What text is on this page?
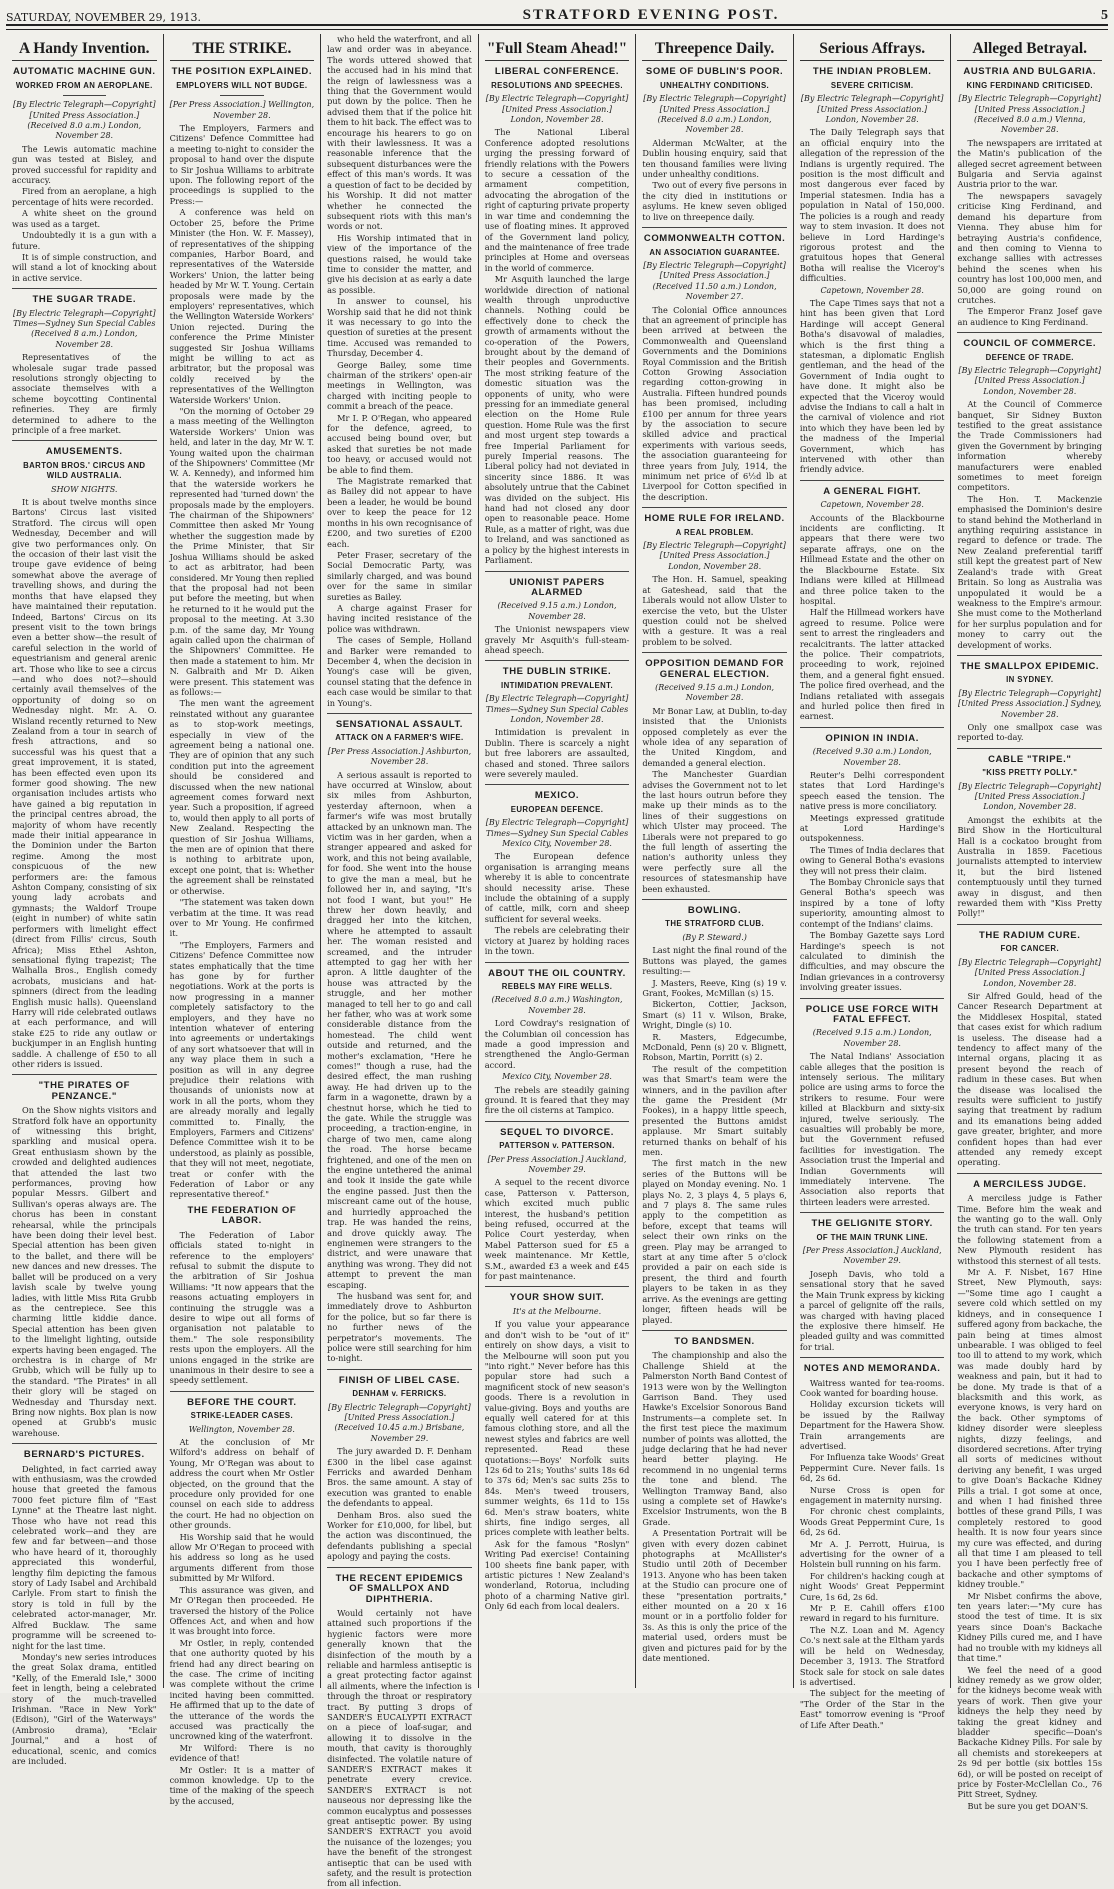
SATURDAY, NOVEMBER 29, 1913.	STRATFORD EVENING POST.	5
A Handy Invention.
AUTOMATIC MACHINE GUN.
WORKED FROM AN AEROPLANE.
[By Electric Telegraph—Copyright] [United Press Association.] (Received 8.0 a.m.) London, November 28.

The Lewis automatic machine gun was tested at Bisley, and proved successful for rapidity and accuracy.

Fired from an aeroplane, a high percentage of hits were recorded.

A white sheet on the ground was used as a target.

Undoubtedly it is a gun with a future.

It is of simple construction, and will stand a lot of knocking about in active service.

THE SUGAR TRADE.
[By Electric Telegraph—Copyright] Times—Sydney Sun Special Cables (Received 8 a.m.) London, November 28.

Representatives of the wholesale sugar trade passed resolutions strongly objecting to associate themselves with a scheme boycotting Continental refineries. They are firmly determined to adhere to the principle of a free market.

AMUSEMENTS.
BARTON BROS.' CIRCUS AND WILD AUSTRALIA.
SHOW NIGHTS.

It is about twelve months since Bartons' Circus last visited Stratford. The circus will open Wednesday, December and will give two performances only. On the occasion of their last visit the troupe gave evidence of being somewhat above the average of travelling shows, and during the months that have elapsed they have maintained their reputation. Indeed, Bartons' Circus on its present visit to the town brings even a better show—the result of careful selection in the world of equestrianism and general arenic art. Those who like to see a circus—and who does not?—should certainly avail themselves of the opportunity of doing so on Wednesday night. Mr. A. O. Wisland recently returned to New Zealand from a tour in search of fresh attractions, and so successful was his quest that a great improvement, it is stated, has been effected even upon its former good showing. The new organisation includes artists who have gained a big reputation in the principal centres abroad, the majority of whom have recently made their initial appearance in the Dominion under the Barton regime. Among the most conspicuous of the new performers are: the famous Ashton Company, consisting of six young lady acrobats and gymnasts; the Waldorf Troupe (eight in number) of white satin performers with limelight effect (direct from Fillis' circus, South Africa); Miss Ethel Ashton, sensational flying trapezist; The Walhalla Bros., English comedy acrobats, musicians and hat-spinners (direct from the leading English music halls). Queensland Harry will ride celebrated outlaws at each performance, and will stake £25 to ride any outlaw or buckjumper in an English hunting saddle. A challenge of £50 to all other riders is issued.

"THE PIRATES OF PENZANCE."

On the Show nights visitors and Stratford folk have an opportunity of witnessing this bright, sparkling and musical opera. Great enthusiasm shown by the crowded and delighted audiences that attended the last two performances, proving how popular Messrs. Gilbert and Sullivan's operas always are. The chorus has been in constant rehearsal, while the principals have been doing their level best. Special attention has been given to the ballet, and there will be new dances and new dresses. The ballet will be produced on a very lavish scale by twelve young ladies, with little Miss Rita Grubb as the centrepiece. See this charming little kiddie dance. Special attention has been given to the limelight lighting, outside experts having been engaged. The orchestra is in charge of Mr Grubb, which will be fully up to the standard. "The Pirates" in all their glory will be staged on Wednesday and Thursday next. Bring now nights. Box plan is now opened at Grubb's music warehouse.

BERNARD'S PICTURES.

Delighted, in fact carried away with enthusiasm, was the crowded house that greeted the famous 7000 feet picture film of "East Lynne" at the Theatre last night. Those who have not read this celebrated work—and they are few and far between—and those who have heard of it, thoroughly appreciated this wonderful, lengthy film depicting the famous story of Lady Isabel and Archibald Carlyle. From start to finish the story is told in full by the celebrated actor-manager, Mr. Alfred Bucklaw. The same programme will be screened to-night for the last time.

Monday's new series introduces the great Solax drama, entitled "Kelly, of the Emerald Isle," 3000 feet in length, being a celebrated story of the much-travelled Irishman. "Race in New York" (Edison), "Girl of the Waterways" (Ambrosio drama), "Eclair Journal," and a host of educational, scenic, and comics are included.

THE STRIKE.
THE POSITION EXPLAINED.
EMPLOYERS WILL NOT BUDGE.
[Per Press Association.] Wellington, November 28.

The Employers, Farmers and Citizens' Defence Committee had a meeting to-night to consider the proposal to hand over the dispute to Sir Joshua Williams to arbitrate upon. The following report of the proceedings is supplied to the Press:—

A conference was held on October 25, before the Prime Minister (the Hon. W. F. Massey), of representatives of the shipping companies, Harbor Board, and representatives of the Waterside Workers' Union, the latter being headed by Mr W. T. Young. Certain proposals were made by the employers' representatives, which the Wellington Waterside Workers' Union rejected. During the conference the Prime Minister suggested Sir Joshua Williams might be willing to act as arbitrator, but the proposal was coldly received by the representatives of the Wellington Waterside Workers' Union.

"On the morning of October 29 a mass meeting of the Wellington Waterside Workers' Union was held, and later in the day, Mr W. T. Young waited upon the chairman of the Shipowners' Committee (Mr W. A. Kennedy), and informed him that the waterside workers he represented had 'turned down' the proposals made by the employers. The chairman of the Shipowners' Committee then asked Mr Young whether the suggestion made by the Prime Minister, that Sir Joshua Williams should be asked to act as arbitrator, had been considered. Mr Young then replied that the proposal had not been put before the meeting, but when he returned to it he would put the proposal to the meeting. At 3.30 p.m. of the same day, Mr Young again called upon the chairman of the Shipowners' Committee. He then made a statement to him. Mr N. Galbraith and Mr D. Aiken were present. This statement was as follows:—

The men want the agreement reinstated without any guarantee as to stop-work meetings, especially in view of the agreement being a national one. They are of opinion that any such condition put into the agreement should be considered and discussed when the new national agreement comes forward next year. Such a proposition, if agreed to, would then apply to all ports of New Zealand. Respecting the question of Sir Joshua Williams, the men are of opinion that there is nothing to arbitrate upon, except one point, that is: Whether the agreement shall be reinstated or otherwise.

"The statement was taken down verbatim at the time. It was read over to Mr Young. He confirmed it.

"The Employers, Farmers and Citizens' Defence Committee now states emphatically that the time has gone by for further negotiations. Work at the ports is now progressing in a manner completely satisfactory to the employers, and they have no intention whatever of entering into agreements or undertakings of any sort whatsoever that will in any way place them in such a position as will in any degree prejudice their relations with thousands of unionists now at work in all the ports, whom they are already morally and legally committed to. Finally, the Employers, Farmers and Citizens' Defence Committee wish it to be understood, as plainly as possible, that they will not meet, negotiate, treat or confer with the Federation of Labor or any representative thereof."

THE FEDERATION OF LABOR.

The Federation of Labor officials stated to-night in reference to the employers' refusal to submit the dispute to the arbitration of Sir Joshua Williams: "It now appears that the reasons actuating employers in continuing the struggle was a desire to wipe out all forms of organisation not palatable to them." The sole responsibility rests upon the employers. All the unions engaged in the strike are unanimous in their desire to see a speedy settlement.

BEFORE THE COURT.
STRIKE-LEADER CASES.
Wellington, November 28.

At the conclusion of Mr Wilford's address on behalf of Young, Mr O'Regan was about to address the court when Mr Ostler objected, on the ground that the procedure only provided for one counsel on each side to address the court. He had no objection on other grounds.

His Worship said that he would allow Mr O'Regan to proceed with his address so long as he used arguments different from those submitted by Mr Wilford.

This assurance was given, and Mr O'Regan then proceeded. He traversed the history of the Police Offences Act, and when and how it was brought into force.

Mr Ostler, in reply, contended that one authority quoted by his friend had any direct bearing on the case. The crime of inciting was complete without the crime incited having been committed. He affirmed that up to the date of the utterance of the words the accused was practically the uncrowned king of the waterfront.

Mr Wilford: There is no evidence of that!

Mr Ostler: It is a matter of common knowledge. Up to the time of the making of the speech by the accused,

who held the waterfront, and all law and order was in abeyance. The words uttered showed that the accused had in his mind that the reign of lawlessness was a thing that the Government would put down by the police. Then he advised them that if the police hit them to hit back. The effect was to encourage his hearers to go on with their lawlessness. It was a reasonable inference that the subsequent disturbances were the effect of this man's words. It was a question of fact to be decided by his Worship. It did not matter whether he connected the subsequent riots with this man's words or not.

His Worship intimated that in view of the importance of the questions raised, he would take time to consider the matter, and give his decision at as early a date as possible.

In answer to counsel, his Worship said that he did not think it was necessary to go into the question of sureties at the present time. Accused was remanded to Thursday, December 4.

George Bailey, some time chairman of the strikers' open-air meetings in Wellington, was charged with inciting people to commit a breach of the peace.

Mr I. P. O'Regan, who appeared for the defence, agreed, to accused being bound over, but asked that sureties be not made too heavy, or accused would not be able to find them.

The Magistrate remarked that as Bailey did not appear to have been a leader, he would be bound over to keep the peace for 12 months in his own recognisance of £200, and two sureties of £200 each.

Peter Fraser, secretary of the Social Democratic Party, was similarly charged, and was bound over for the same in similar sureties as Bailey.

A charge against Fraser for having incited resistance of the police was withdrawn.

The cases of Semple, Holland and Barker were remanded to December 4, when the decision in Young's case will be given, counsel stating that the defence in each case would be similar to that in Young's.

SENSATIONAL ASSAULT.
ATTACK ON A FARMER'S WIFE.
[Per Press Association.] Ashburton, November 28.

A serious assault is reported to have occurred at Winslow, about six miles from Ashburton, yesterday afternoon, when a farmer's wife was most brutally attacked by an unknown man. The victim was in her garden, when a stranger appeared and asked for work, and this not being available, for food. She went into the house to give the man a meal, but he followed her in, and saying, "It's not food I want, but you!" He threw her down heavily, and dragged her into the kitchen, where he attempted to assault her. The woman resisted and screamed, and the intruder attempted to gag her with her apron. A little daughter of the house was attracted by the struggle, and her mother managed to tell her to go and call her father, who was at work some considerable distance from the homestead. The child went outside and returned, and the mother's exclamation, "Here he comes!" though a ruse, had the desired effect, the man rushing away. He had driven up to the farm in a wagonette, drawn by a chestnut horse, which he tied to the gate. While the struggle was proceeding, a traction-engine, in charge of two men, came along the road. The horse became frightened, and one of the men on the engine untethered the animal and took it inside the gate while the engine passed. Just then the miscreant came out of the house, and hurriedly approached the trap. He was handed the reins, and drove quickly away. The enginemen were strangers to the district, and were unaware that anything was wrong. They did not attempt to prevent the man escaping.

The husband was sent for, and immediately drove to Ashburton for the police, but so far there is no further news of the perpetrator's movements. The police were still searching for him to-night.

FINISH OF LIBEL CASE.
DENHAM v. FERRICKS.
[By Electric Telegraph—Copyright] [United Press Association.] (Received 10.45 a.m.) Brisbane, November 29.

The jury awarded D. F. Denham £300 in the libel case against Ferricks and awarded Denham Bros. the same amount. A stay of execution was granted to enable the defendants to appeal.

Denham Bros. also sued the Worker for £10,000, for libel, but the action was discontinued, the defendants publishing a special apology and paying the costs.

THE RECENT EPIDEMICS OF SMALLPOX AND DIPHTHERIA.

Would certainly not have attained such proportions if the hygienic factors were more generally known that the disinfection of the mouth by a reliable and harmless antiseptic is a great protecting factor against all ailments, where the infection is through the throat or respiratory tract. By putting 3 drops of SANDER'S EUCALYPTI EXTRACT on a piece of loaf-sugar, and allowing it to dissolve in the mouth, that cavity is thoroughly disinfected. The volatile nature of SANDER'S EXTRACT makes it penetrate every crevice. SANDER'S EXTRACT is not nauseous nor depressing like the common eucalyptus and possesses great antiseptic power. By using SANDER'S EXTRACT you avoid the nuisance of the lozenges; you have the benefit of the strongest antiseptic that can be used with safety, and the result is protection from all infection.

"Full Steam Ahead!"
LIBERAL CONFERENCE.
RESOLUTIONS AND SPEECHES.
[By Electric Telegraph—Copyright] [United Press Association.] London, November 28.

The National Liberal Conference adopted resolutions urging the pressing forward of friendly relations with the Powers to secure a cessation of the armament competition, advocating the abrogation of the right of capturing private property in war time and condemning the use of floating mines. It approved of the Government land policy, and the maintenance of free trade principles at Home and overseas in the world of commerce.

Mr Asquith launched the large worldwide direction of national wealth through unproductive channels. Nothing could be effectively done to check the growth of armaments without the co-operation of the Powers, brought about by the demand of their peoples and Governments. The most striking feature of the domestic situation was the opponents of unity, who were pressing for an immediate general election on the Home Rule question. Home Rule was the first and most urgent step towards a free Imperial Parliament for purely Imperial reasons. The Liberal policy had not deviated in sincerity since 1886. It was absolutely untrue that the Cabinet was divided on the subject. His hand had not closed any door open to reasonable peace. Home Rule, as a matter of right, was due to Ireland, and was sanctioned as a policy by the highest interests in Parliament.

UNIONIST PAPERS ALARMED
(Received 9.15 a.m.) London, November 28.

The Unionist newspapers view gravely Mr Asquith's full-steam-ahead speech.

THE DUBLIN STRIKE.
INTIMIDATION PREVALENT.
[By Electric Telegraph—Copyright] Times—Sydney Sun Special Cables London, November 28.

Intimidation is prevalent in Dublin. There is scarcely a night but free laborers are assaulted, chased and stoned. Three sailors were severely mauled.

MEXICO.
EUROPEAN DEFENCE.
[By Electric Telegraph—Copyright] Times—Sydney Sun Special Cables Mexico City, November 28.

The European defence organisation is arranging means whereby it is able to concentrate should necessity arise. These include the obtaining of a supply of cattle, milk, corn and sheep sufficient for several weeks.

The rebels are celebrating their victory at Juarez by holding races in the town.

ABOUT THE OIL COUNTRY.
REBELS MAY FIRE WELLS.
(Received 8.0 a.m.) Washington, November 28.

Lord Cowdray's resignation of the Columbian oil concession has made a good impression and strengthened the Anglo-German accord.

Mexico City, November 28.

The rebels are steadily gaining ground. It is feared that they may fire the oil cisterns at Tampico.

SEQUEL TO DIVORCE.
PATTERSON v. PATTERSON.
[Per Press Association.] Auckland, November 29.

A sequel to the recent divorce case, Patterson v. Patterson, which excited much public interest, the husband's petition being refused, occurred at the Police Court yesterday, when Mabel Patterson sued for £5 a week maintenance. Mr Kettle, S.M., awarded £3 a week and £45 for past maintenance.

YOUR SHOW SUIT.
It's at the Melbourne.

If you value your appearance and don't wish to be "out of it" entirely on show days, a visit to the Melbourne will soon put you "into right." Never before has this popular store had such a magnificent stock of new season's goods. There is a revolution in value-giving. Boys and youths are equally well catered for at this famous clothing store, and all the newest styles and fabrics are well represented. Read these quotations:—Boys' Norfolk suits 12s 6d to 21s; Youths' suits 18s 6d to 37s 6d; Men's sac suits 25s to 84s. Men's tweed trousers, summer weights, 6s 11d to 15s 6d. Men's straw boaters, white shirts, fine indigo serges, all prices complete with leather belts.

Ask for the famous "Roslyn" Writing Pad exercise! Containing 100 sheets fine bank paper, with artistic pictures ! New Zealand's wonderland, Rotorua, including photo of a charming Native girl. Only 6d each from local dealers.

Threepence Daily.
SOME OF DUBLIN'S POOR.
UNHEALTHY CONDITIONS.
[By Electric Telegraph—Copyright] [United Press Association.] (Received 8.0 a.m.) London, November 28.

Alderman McWalter, at the Dublin housing enquiry, said that ten thousand families were living under unhealthy conditions.

Two out of every five persons in the city died in institutions or asylums. He knew seven obliged to live on threepence daily.

COMMONWEALTH COTTON.
AN ASSOCIATION GUARANTEE.
[By Electric Telegraph—Copyright] [United Press Association.] (Received 11.50 a.m.) London, November 27.

The Colonial Office announces that an agreement of principle has been arrived at between the Commonwealth and Queensland Governments and the Dominions Royal Commission and the British Cotton Growing Association regarding cotton-growing in Australia. Fifteen hundred pounds has been promised, including £100 per annum for three years by the association to secure skilled advice and practical experiments with various seeds, the association guaranteeing for three years from July, 1914, the minimum net price of 6½d lb at Liverpool for Cotton specified in the description.

HOME RULE FOR IRELAND.
A REAL PROBLEM.
[By Electric Telegraph—Copyright] [United Press Association.] London, November 28.

The Hon. H. Samuel, speaking at Gateshead, said that the Liberals would not allow Ulster to exercise the veto, but the Ulster question could not be shelved with a gesture. It was a real problem to be solved.

OPPOSITION DEMAND FOR GENERAL ELECTION.
(Received 9.15 a.m.) London, November 28.

Mr Bonar Law, at Dublin, to-day insisted that the Unionists opposed completely as ever the whole idea of any separation of the United Kingdom, and demanded a general election.

The Manchester Guardian advises the Government not to let the last hours outrun before they make up their minds as to the lines of their suggestions on which Ulster may proceed. The Liberals were not prepared to go the full length of asserting the nation's authority unless they were perfectly sure all the resources of statesmanship have been exhausted.

BOWLING.
THE STRATFORD CLUB.
(By P. Steward.)

Last night the final round of the Buttons was played, the games resulting:—

J. Masters, Reeve, King (s) 19 v. Grant, Fookes, McMillan (s) 15.

Bickerton, Cottier, Jackson, Smart (s) 11 v. Wilson, Brake, Wright, Dingle (s) 10.

R. Masters, Edgecumbe, McDonald, Penn (s) 20 v. Blignett, Robson, Martin, Porritt (s) 2.

The result of the competition was that Smart's team were the winners, and in the pavilion after the game the President (Mr Fookes), in a happy little speech, presented the Buttons amidst applause. Mr Smart suitably returned thanks on behalf of his men.

The first match in the new series of the Buttons will be played on Monday evening. No. 1 plays No. 2, 3 plays 4, 5 plays 6, and 7 plays 8. The same rules apply to the competition as before, except that teams will select their own rinks on the green. Play may be arranged to start at any time after 5 o'clock provided a pair on each side is present, the third and fourth players to be taken in as they arrive. As the evenings are getting longer, fifteen heads will be played.

TO BANDSMEN.

The championship and also the Challenge Shield at the Palmerston North Band Contest of 1913 were won by the Wellington Garrison Band. They used Hawke's Excelsior Sonorous Band Instruments—a complete set. In the first test piece the maximum number of points was allotted, the judge declaring that he had never heard better playing. He recommend in no ungenial terms the tone and blend. The Wellington Tramway Band, also using a complete set of Hawke's Excelsior Instruments, won the B Grade.

A Presentation Portrait will be given with every dozen cabinet photographs at McAllister's Studio until 20th of December 1913. Anyone who has been taken at the Studio can procure one of these "presentation portraits," either mounted on a 20 x 16 mount or in a portfolio folder for 3s. As this is only the price of the material used, orders must be given and pictures paid for by the date mentioned.

Serious Affrays.
THE INDIAN PROBLEM.
SEVERE CRITICISM.
[By Electric Telegraph—Copyright] [United Press Association.] London, November 28.

The Daily Telegraph says that an official enquiry into the allegation of the repression of the Indians is urgently required. The position is the most difficult and most dangerous ever faced by Imperial statesmen. India has a population in Natal of 150,000. The policies is a rough and ready way to stem invasion. It does not believe in Lord Hardinge's rigorous protest and the gratuitous hopes that General Botha will realise the Viceroy's difficulties.

Capetown, November 28.

The Cape Times says that not a hint has been given that Lord Hardinge will accept General Botha's disavowal of maladies, which is the first thing a statesman, a diplomatic English gentleman, and the head of the Government of India ought to have done. It might also be expected that the Viceroy would advise the Indians to call a halt in the carnival of violence and riot into which they have been led by the madness of the Imperial Government, which has intervened with other than friendly advice.

A GENERAL FIGHT.
Capetown, November 28.

Accounts of the Blackbourne incidents are conflicting. It appears that there were two separate affrays, one on the Hillmead Estate and the other on the Blackbourne Estate. Six Indians were killed at Hillmead and three police taken to the hospital.

Half the Hillmead workers have agreed to resume. Police were sent to arrest the ringleaders and recalcitrants. The latter attacked the police. Their compatriots, proceeding to work, rejoined them, and a general fight ensued. The police fired overhead, and the Indians retaliated with assegais and hurled police then fired in earnest.

OPINION IN INDIA.
(Received 9.30 a.m.) London, November 28.

Reuter's Delhi correspondent states that Lord Hardinge's speech eased the tension. The native press is more conciliatory.

Meetings expressed gratitude at Lord Hardinge's outspokenness.

The Times of India declares that owing to General Botha's evasions they will not press their claim.

The Bombay Chronicle says that General Botha's speech was inspired by a tone of lofty superiority, amounting almost to contempt of the Indians' claims.

The Bombay Gazette says Lord Hardinge's speech is not calculated to diminish the difficulties, and may obscure the Indian grievances in a controversy involving greater issues.

POLICE USE FORCE WITH FATAL EFFECT.
(Received 9.15 a.m.) London, November 28.

The Natal Indians' Association cable alleges that the position is intensely serious. The military police are using arms to force the strikers to resume. Four were killed at Blackburn and sixty-six injured, twelve seriously. The casualties will probably be more, but the Government refused facilities for investigation. The Association trust the Imperial and Indian Governments will immediately intervene. The Association also reports that thirteen leaders were arrested.

THE GELIGNITE STORY.
OF THE MAIN TRUNK LINE.
[Per Press Association.] Auckland, November 29.

Joseph Davis, who told a sensational story that he saved the Main Trunk express by kicking a parcel of gelignite off the rails, was charged with having placed the explosive there himself. He pleaded guilty and was committed for trial.

NOTES AND MEMORANDA.

Waitress wanted for tea-rooms. Cook wanted for boarding house.

Holiday excursion tickets will be issued by the Railway Department for the Hawera Show. Train arrangements are advertised.

For Influenza take Woods' Great Peppermint Cure. Never fails. 1s 6d, 2s 6d.

Nurse Cross is open for engagement in maternity nursing.

For chronic chest complaints, Woods Great Peppermint Cure, 1s 6d, 2s 6d.

Mr A. J. Perrott, Huirua, is advertising for the owner of a Holstein bull running on his farm.

For children's hacking cough at night Woods' Great Peppermint Cure, 1s 6d, 2s 6d.

Mr P. E. Cahill offers £100 reward in regard to his furniture.

The N.Z. Loan and M. Agency Co.'s next sale at the Eltham yards will be held on Wednesday, December 3, 1913. The Stratford Stock sale for stock on sale dates is advertised.

The subject for the meeting of "The Order of the Star in the East" tomorrow evening is "Proof of Life After Death."

Alleged Betrayal.
AUSTRIA AND BULGARIA.
KING FERDINAND CRITICISED.
[By Electric Telegraph—Copyright] [United Press Association.] (Received 8.0 a.m.) Vienna, November 28.

The newspapers are irritated at the Matin's publication of the alleged secret agreement between Bulgaria and Servia against Austria prior to the war.

The newspapers savagely criticise King Ferdinand, and demand his departure from Vienna. They abuse him for betraying Austria's confidence, and then coming to Vienna to exchange sallies with actresses behind the scenes when his country has lost 100,000 men, and 50,000 are going round on crutches.

The Emperor Franz Josef gave an audience to King Ferdinand.

COUNCIL OF COMMERCE.
DEFENCE OF TRADE.
[By Electric Telegraph—Copyright] [United Press Association.] London, November 28.

At the Council of Commerce banquet, Sir Sidney Buxton testified to the great assistance the Trade Commissioners had given the Government by bringing information whereby manufacturers were enabled sometimes to meet foreign competitors.

The Hon. T. Mackenzie emphasised the Dominion's desire to stand behind the Motherland in anything requiring assistance in regard to defence or trade. The New Zealand preferential tariff still kept the greatest part of New Zealand's trade with Great Britain. So long as Australia was unpopulated it would be a weakness to the Empire's armour. She must come to the Motherland for her surplus population and for money to carry out the development of works.

THE SMALLPOX EPIDEMIC.
IN SYDNEY.
[By Electric Telegraph—Copyright] [United Press Association.] Sydney, November 28.

Only one smallpox case was reported to-day.

CABLE "TRIPE."
"KISS PRETTY POLLY."
[By Electric Telegraph—Copyright] [United Press Association.] London, November 28.

Amongst the exhibits at the Bird Show in the Horticultural Hall is a cockatoo brought from Australia in 1859. Facetious journalists attempted to interview it, but the bird listened contemptuously until they turned away in disgust, and then rewarded them with "Kiss Pretty Polly!"

THE RADIUM CURE.
FOR CANCER.
[By Electric Telegraph—Copyright] [United Press Association.] London, November 28.

Sir Alfred Gould, head of the Cancer Research Department at the Middlesex Hospital, stated that cases exist for which radium is useless. The disease had a tendency to affect many of the internal organs, placing it as present beyond the reach of radium in these cases. But when the disease was localised the results were sufficient to justify saying that treatment by radium and its emanations being added gave greater, brighter, and more confident hopes than had ever attended any remedy except operating.

A MERCILESS JUDGE.

A merciless judge is Father Time. Before him the weak and the wanting go to the wall. Only the truth can stand. For ten years the following statement from a New Plymouth resident has withstood this sternest of all tests.

Mr A. F. Nisbet, 167 Hine Street, New Plymouth, says:—"Some time ago I caught a severe cold which settled on my kidneys, and in consequence I suffered agony from backache, the pain being at times almost unbearable. I was obliged to feel too ill to attend to my work, which was made doubly hard by weakness and pain, but it had to be done. My trade is that of a blacksmith and this work, as everyone knows, is very hard on the back. Other symptoms of kidney disorder were sleepless nights, dizzy feelings, and disordered secretions. After trying all sorts of medicines without deriving any benefit, I was urged to give Doan's Backache Kidney Pills a trial. I got some at once, and when I had finished three bottles of these grand Pills, I was completely restored to good health. It is now four years since my cure was effected, and during all that time I am pleased to tell you I have been perfectly free of backache and other symptoms of kidney trouble."

Mr Nisbet confirms the above, ten years later:—"My cure has stood the test of time. It is six years since Doan's Backache Kidney Pills cured me, and I have had no trouble with my kidneys all that time."

We feel the need of a good kidney remedy as we grow older, for the kidneys become weak with years of work. Then give your kidneys the help they need by taking the great kidney and bladder specific—Doan's Backache Kidney Pills. For sale by all chemists and storekeepers at 2s 9d per bottle (six bottles 15s 6d), or will be posted on receipt of price by Foster-McClellan Co., 76 Pitt Street, Sydney.

But be sure you get DOAN'S.
